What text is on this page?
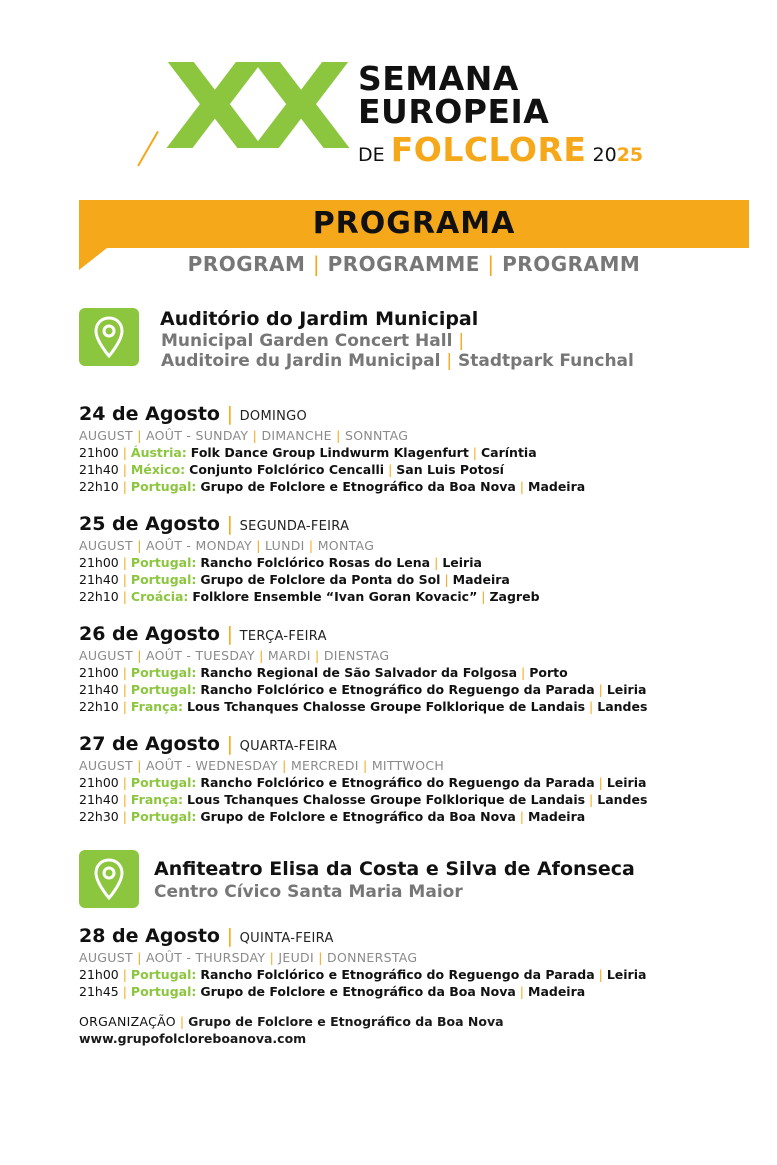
XX SEMANA
EUROPEIA
DE FOLCLORE 2025
PROGRAMA
PROGRAM | PROGRAMME | PROGRAMM
Auditório do Jardim Municipal
Municipal Garden Concert Hall |
Auditoire du Jardin Municipal | Stadtpark Funchal
24 de Agosto | DOMINGO
AUGUST | AOÛT - SUNDAY | DIMANCHE | SONNTAG
21h00 | Áustria: Folk Dance Group Lindwurm Klagenfurt | Caríntia
21h40 | México: Conjunto Folclórico Cencalli | San Luis Potosí
22h10 | Portugal: Grupo de Folclore e Etnográfico da Boa Nova | Madeira
25 de Agosto | SEGUNDA-FEIRA
AUGUST | AOÛT - MONDAY | LUNDI | MONTAG
21h00 | Portugal: Rancho Folclórico Rosas do Lena | Leiria
21h40 | Portugal: Grupo de Folclore da Ponta do Sol | Madeira
22h10 | Croácia: Folklore Ensemble “Ivan Goran Kovacic” | Zagreb
26 de Agosto | TERÇA-FEIRA
AUGUST | AOÛT - TUESDAY | MARDI | DIENSTAG
21h00 | Portugal: Rancho Regional de São Salvador da Folgosa | Porto
21h40 | Portugal: Rancho Folclórico e Etnográfico do Reguengo da Parada | Leiria
22h10 | França: Lous Tchanques Chalosse Groupe Folklorique de Landais | Landes
27 de Agosto | QUARTA-FEIRA
AUGUST | AOÛT - WEDNESDAY | MERCREDI | MITTWOCH
21h00 | Portugal: Rancho Folclórico e Etnográfico do Reguengo da Parada | Leiria
21h40 | França: Lous Tchanques Chalosse Groupe Folklorique de Landais | Landes
22h30 | Portugal: Grupo de Folclore e Etnográfico da Boa Nova | Madeira
Anfiteatro Elisa da Costa e Silva de Afonseca
Centro Cívico Santa Maria Maior
28 de Agosto | QUINTA-FEIRA
AUGUST | AOÛT - THURSDAY | JEUDI | DONNERSTAG
21h00 | Portugal: Rancho Folclórico e Etnográfico do Reguengo da Parada | Leiria
21h45 | Portugal: Grupo de Folclore e Etnográfico da Boa Nova | Madeira
ORGANIZAÇÃO | Grupo de Folclore e Etnográfico da Boa Nova
www.grupofolcloreboanova.com
